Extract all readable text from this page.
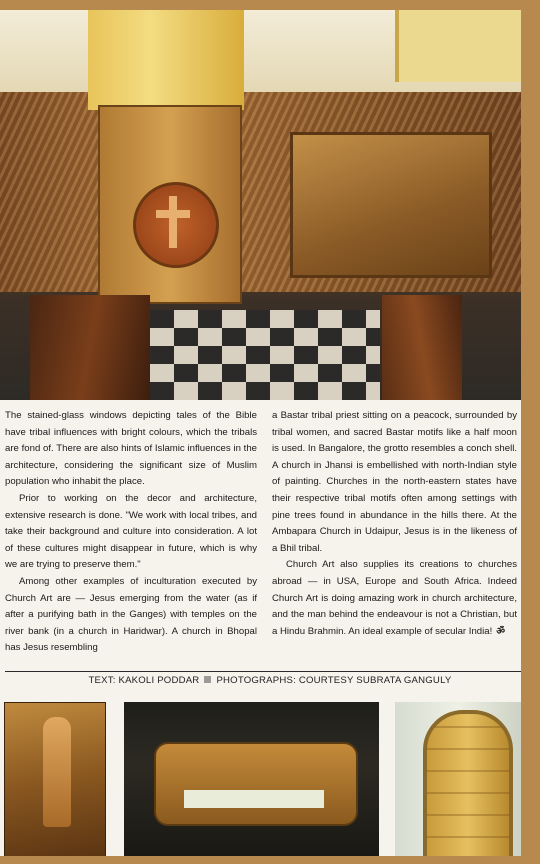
The stained-glass windows depicting tales of the Bible have tribal influences with bright colours, which the tribals are fond of. There are also hints of Islamic influences in the architecture, considering the significant size of Muslim population who inhabit the place.

Prior to working on the decor and architecture, extensive research is done. "We work with local tribes, and take their background and culture into consideration. A lot of these cultures might disappear in future, which is why we are trying to preserve them."

Among other examples of inculturation executed by Church Art are — Jesus emerging from the water (as if after a purifying bath in the Ganges) with temples on the river bank (in a church in Haridwar). A church in Bhopal has Jesus resembling

a Bastar tribal priest sitting on a peacock, surrounded by tribal women, and sacred Bastar motifs like a half moon is used. In Bangalore, the grotto resembles a conch shell. A church in Jhansi is embellished with north-Indian style of painting. Churches in the north-eastern states have their respective tribal motifs often among settings with pine trees found in abundance in the hills there. At the Ambapara Church in Udaipur, Jesus is in the likeness of a Bhil tribal.

Church Art also supplies its creations to churches abroad — in USA, Europe and South Africa. Indeed Church Art is doing amazing work in church architecture, and the man behind the endeavour is not a Christian, but a Hindu Brahmin. An ideal example of secular India! ॐ

TEXT: KAKOLI PODDAR PHOTOGRAPHS: COURTESY SUBRATA GANGULY
